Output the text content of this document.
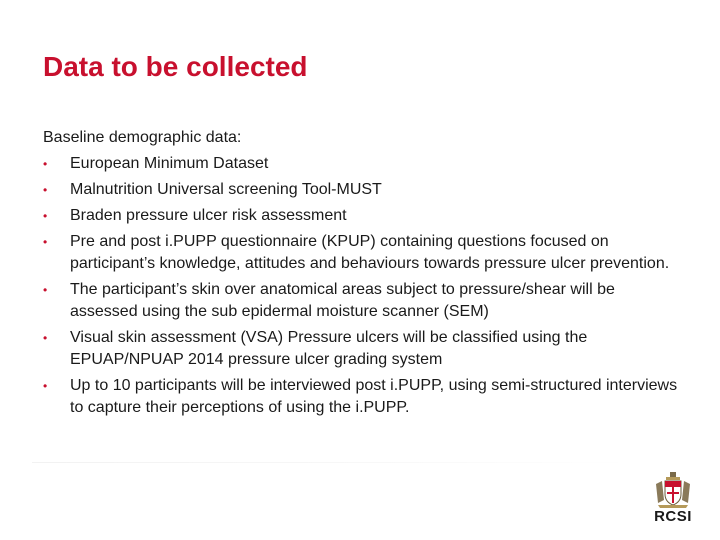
Data to be collected

Baseline demographic data:

• European Minimum Dataset
• Malnutrition Universal screening Tool-MUST
• Braden pressure ulcer risk assessment
• Pre and post i.PUPP questionnaire (KPUP) containing questions focused on participant’s knowledge, attitudes and behaviours towards pressure ulcer prevention.
• The participant’s skin over anatomical areas subject to pressure/shear will be assessed using the sub epidermal moisture scanner (SEM)
• Visual skin assessment (VSA) Pressure ulcers will be classified using the EPUAP/NPUAP 2014 pressure ulcer grading system
• Up to 10 participants will be interviewed post i.PUPP, using semi-structured interviews to capture their perceptions of using the i.PUPP.
RCSI
